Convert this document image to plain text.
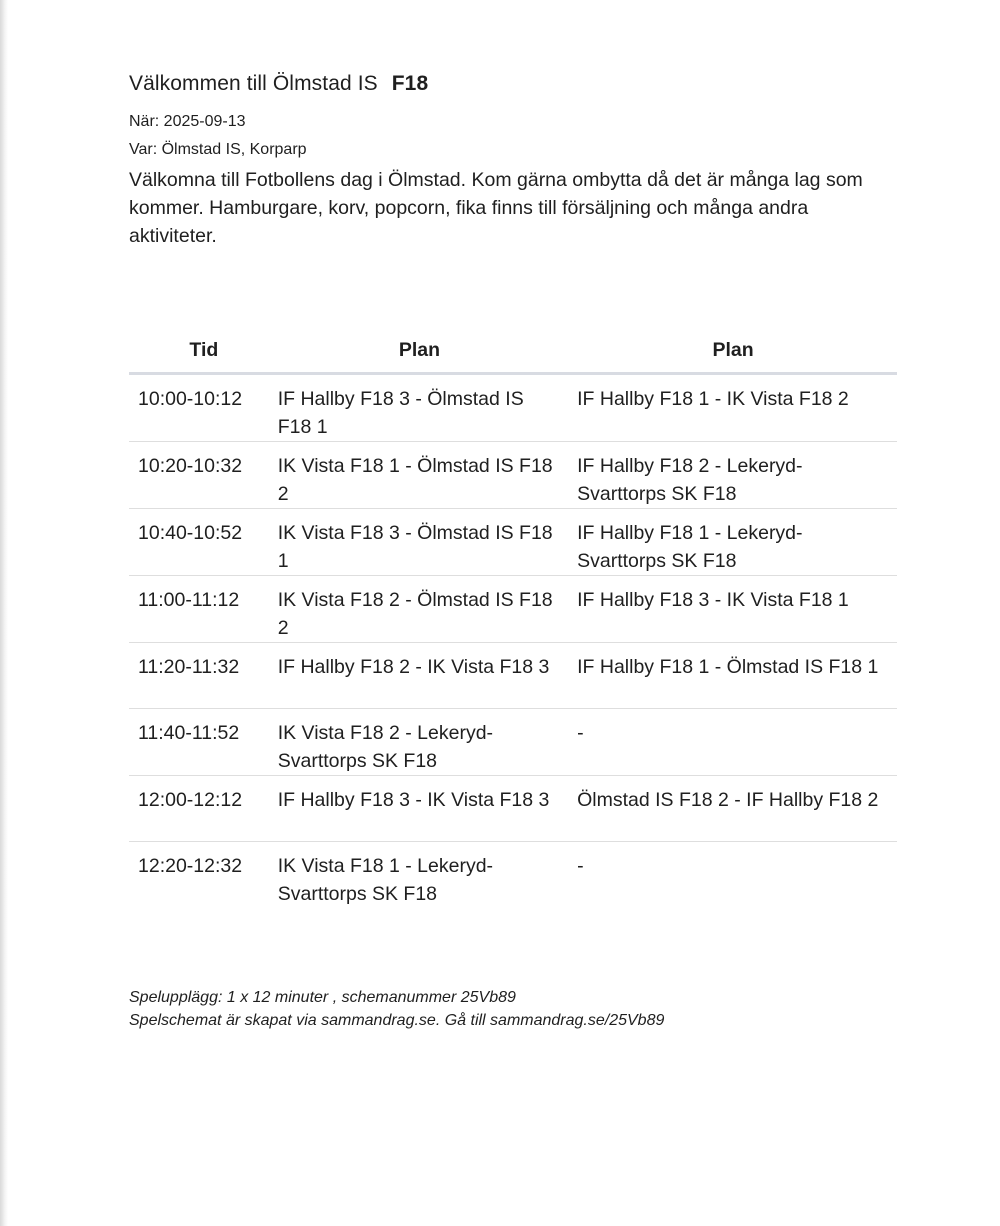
Välkommen till Ölmstad IS F18

När: 2025-09-13

Var: Ölmstad IS, Korparp

Välkomna till Fotbollens dag i Ölmstad. Kom gärna ombytta då det är många lag som kommer. Hamburgare, korv, popcorn, fika finns till försäljning och många andra aktiviteter.

Tid	Plan	Plan
10:00-10:12	IF Hallby F18 3 - Ölmstad IS F18 1	IF Hallby F18 1 - IK Vista F18 2
10:20-10:32	IK Vista F18 1 - Ölmstad IS F18 2	IF Hallby F18 2 - Lekeryd-Svarttorps SK F18
10:40-10:52	IK Vista F18 3 - Ölmstad IS F18 1	IF Hallby F18 1 - Lekeryd-Svarttorps SK F18
11:00-11:12	IK Vista F18 2 - Ölmstad IS F18 2	IF Hallby F18 3 - IK Vista F18 1
11:20-11:32	IF Hallby F18 2 - IK Vista F18 3	IF Hallby F18 1 - Ölmstad IS F18 1
11:40-11:52	IK Vista F18 2 - Lekeryd-Svarttorps SK F18	-
12:00-12:12	IF Hallby F18 3 - IK Vista F18 3	Ölmstad IS F18 2 - IF Hallby F18 2
12:20-12:32	IK Vista F18 1 - Lekeryd-Svarttorps SK F18	-
Spelupplägg: 1 x 12 minuter , schemanummer 25Vb89
Spelschemat är skapat via sammandrag.se. Gå till sammandrag.se/25Vb89
